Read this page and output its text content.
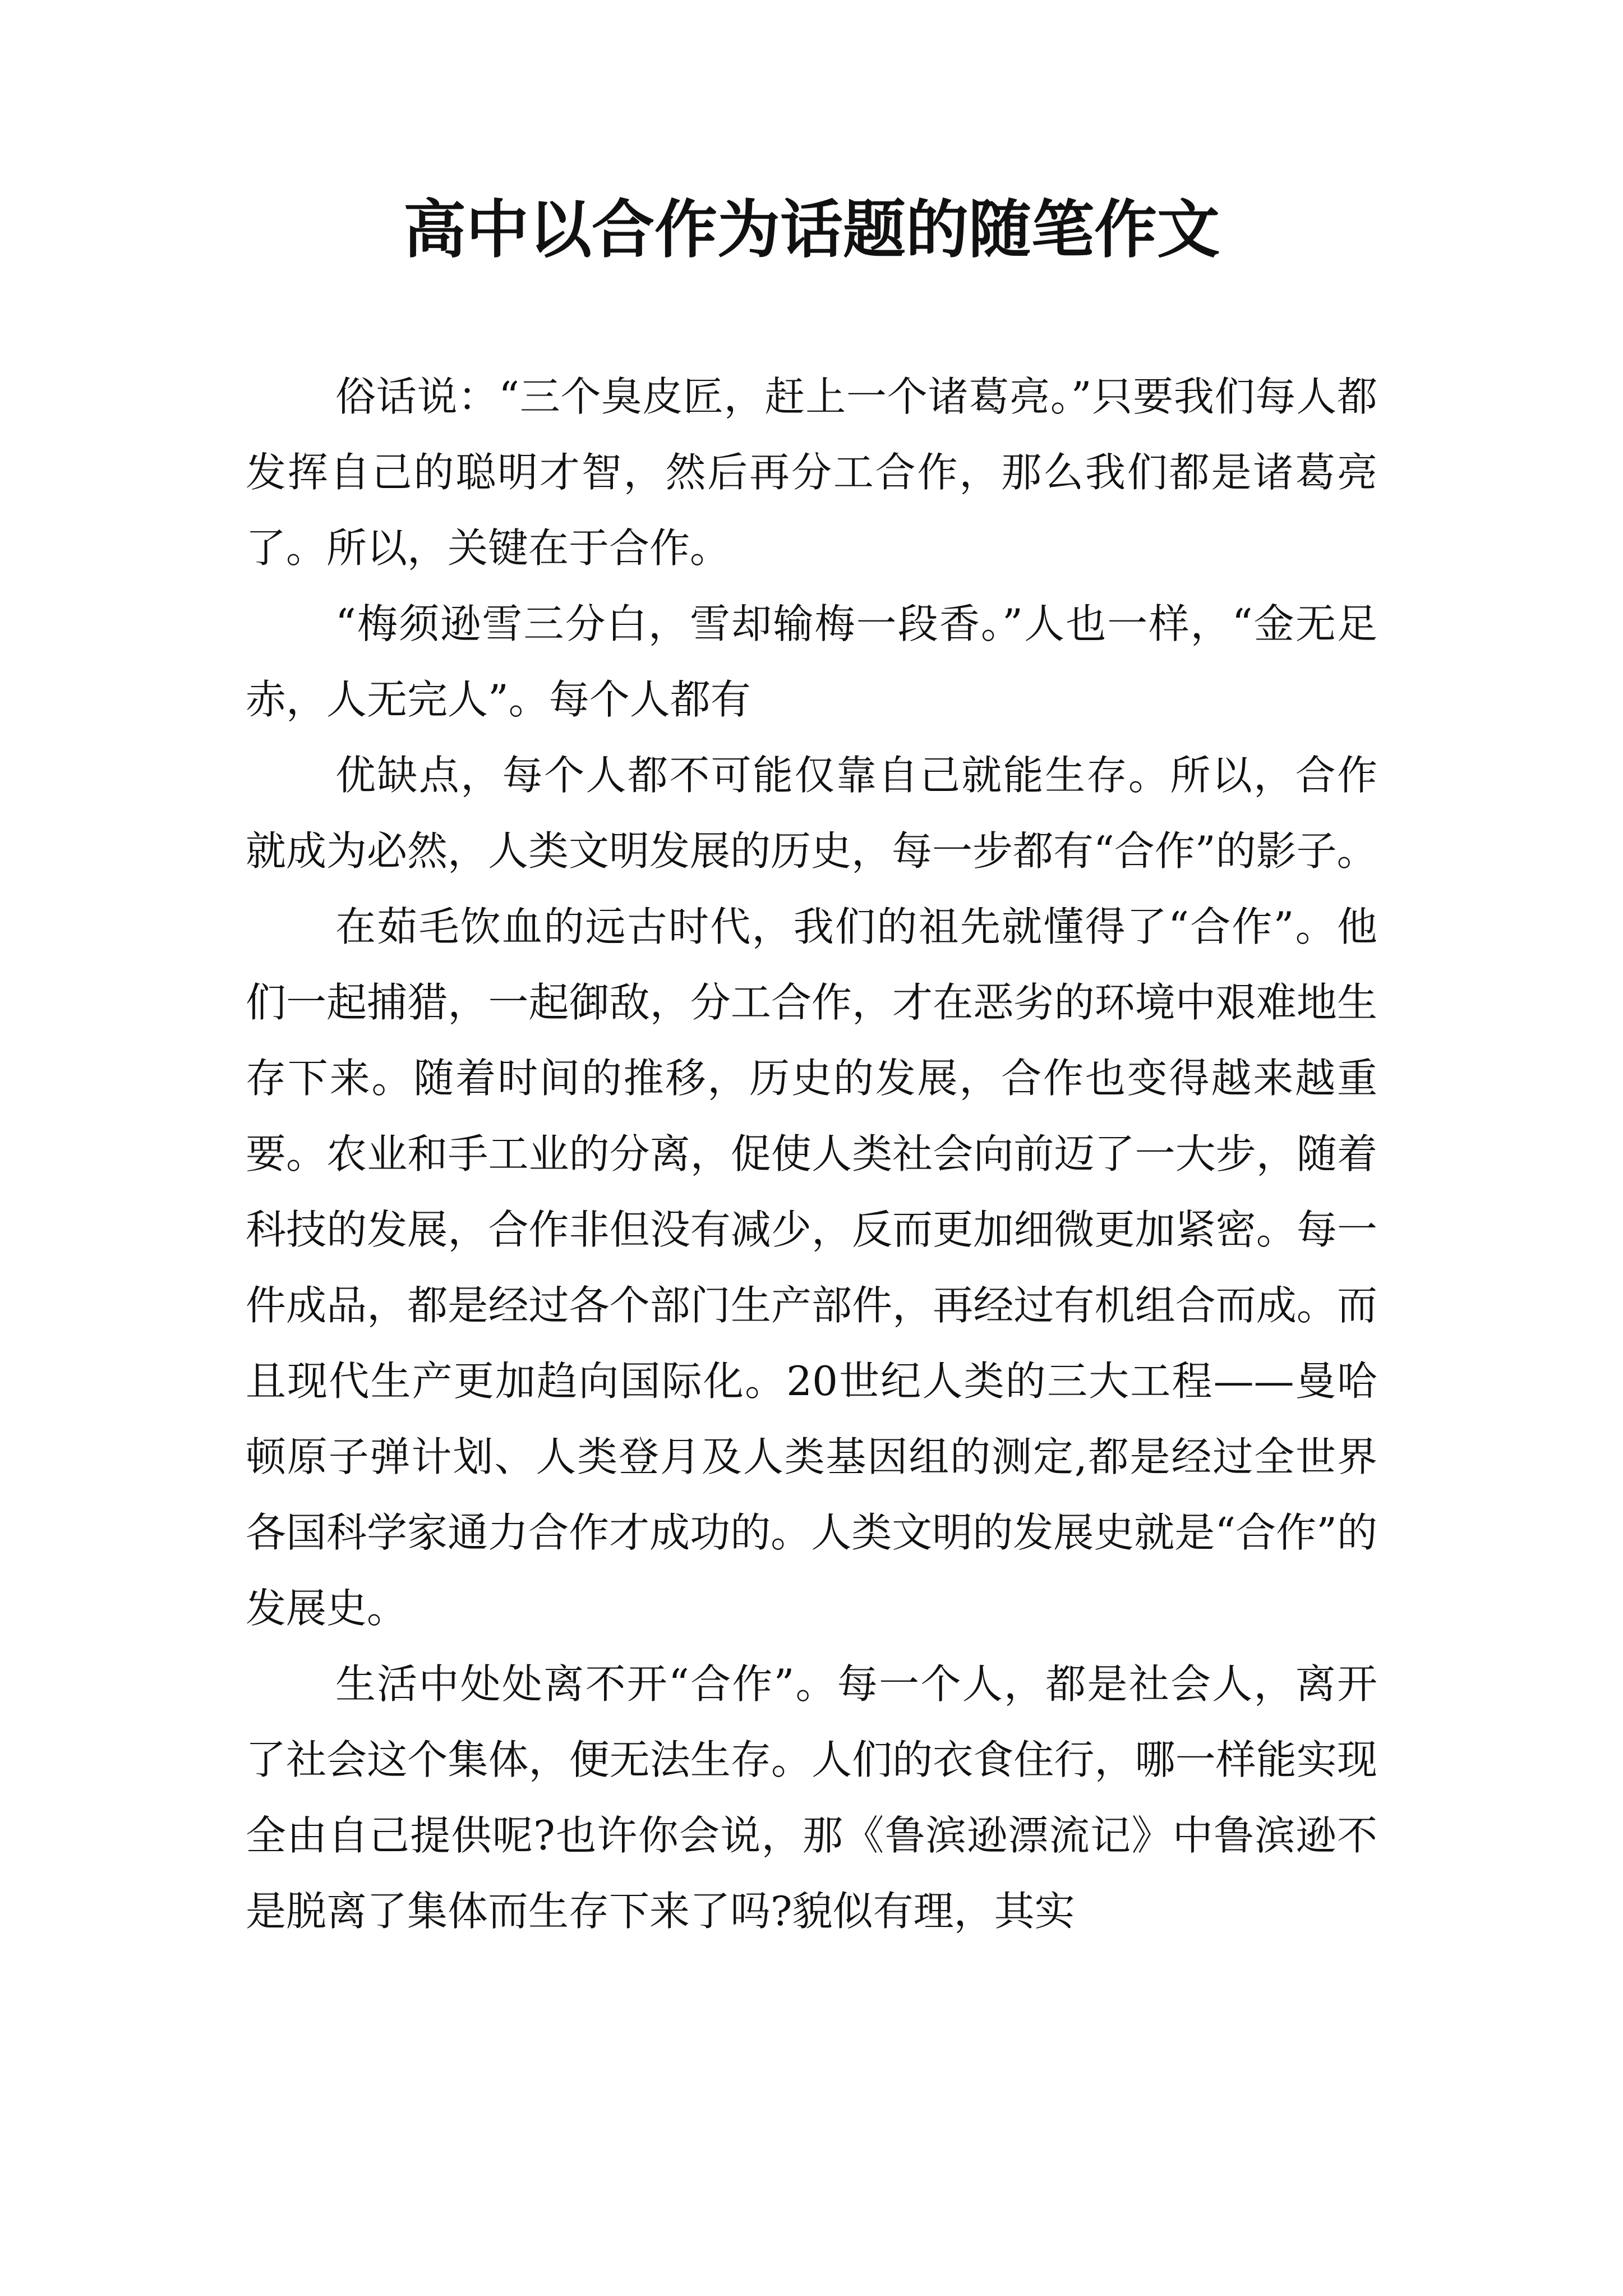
高中以合作为话题的随笔作文

俗话说：“三个臭皮匠，赶上一个诸葛亮。”只要我们每人都发挥自己的聪明才智，然后再分工合作，那么我们都是诸葛亮了。所以，关键在于合作。

“梅须逊雪三分白，雪却输梅一段香。”人也一样，“金无足赤，人无完人”。每个人都有

优缺点，每个人都不可能仅靠自己就能生存。所以，合作就成为必然，人类文明发展的历史，每一步都有“合作”的影子。

在茹毛饮血的远古时代，我们的祖先就懂得了“合作”。他们一起捕猎，一起御敌，分工合作，才在恶劣的环境中艰难地生存下来。随着时间的推移，历史的发展，合作也变得越来越重要。农业和手工业的分离，促使人类社会向前迈了一大步，随着科技的发展，合作非但没有减少，反而更加细微更加紧密。每一件成品，都是经过各个部门生产部件，再经过有机组合而成。而且现代生产更加趋向国际化。20世纪人类的三大工程——曼哈顿原子弹计划、人类登月及人类基因组的测定,都是经过全世界各国科学家通力合作才成功的。人类文明的发展史就是“合作”的发展史。

生活中处处离不开“合作”。每一个人，都是社会人，离开了社会这个集体，便无法生存。人们的衣食住行，哪一样能实现全由自己提供呢?也许你会说，那《鲁滨逊漂流记》中鲁滨逊不是脱离了集体而生存下来了吗?貌似有理，其实
